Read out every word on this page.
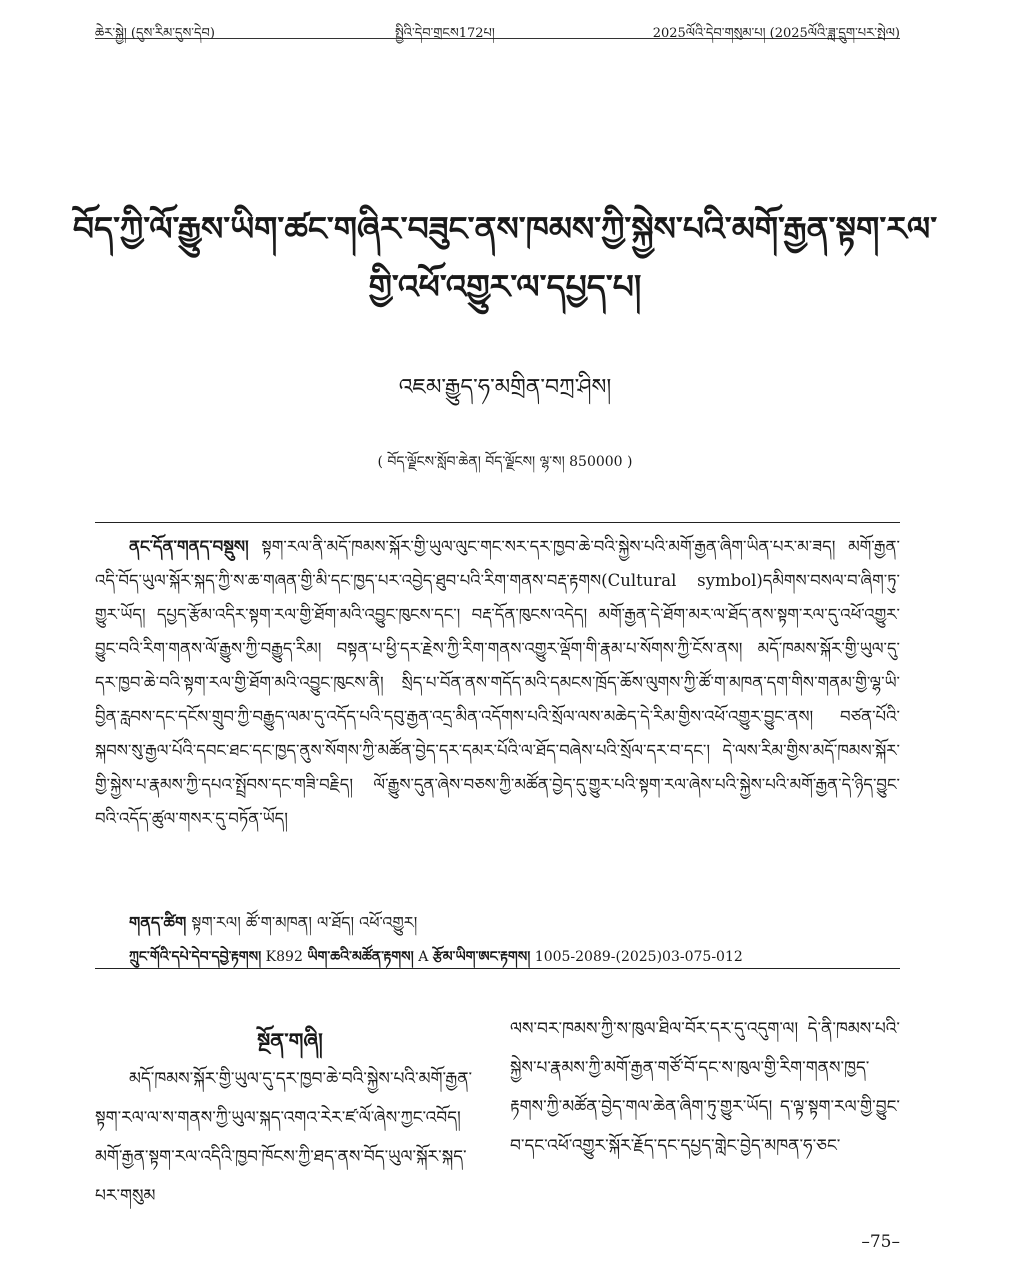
ཆེར་སྐྱེ། (དུས་རིམ་དུས་དེབ)	སྤྱིའི་དེབ་གྲངས172པ།	2025ལོའི་དེབ་གསུམ་པ། (2025ལོའི་ཟླ་དྲུག་པར་སྤེལ)
བོད་ཀྱི་ལོ་རྒྱུས་ཡིག་ཚང་གཞིར་བཟུང་ནས་ཁམས་ཀྱི་སྐྱེས་པའི་མགོ་རྒྱན་སྟག་རལ་གྱི་འཕོ་འགྱུར་ལ་དཔྱད་པ།
འཇམ་རྒྱུད་ཧ་མགྲིན་བཀྲ་ཤིས།
( བོད་ལྗོངས་སློབ་ཆེན། བོད་ལྗོངས། ལྷ་ས། 850000 )

ནང་དོན་གནད་བསྡུས། སྟག་རལ་ནི་མདོ་ཁམས་སྐོར་གྱི་ཡུལ་ལུང་གང་སར་དར་ཁྱབ་ཆེ་བའི་སྐྱེས་པའི་མགོ་རྒྱན་ཞིག་ཡིན་པར་མ་ཟད། མགོ་རྒྱན་འདི་བོད་ཡུལ་སྐོར་སྐད་ཀྱི་ས་ཆ་གཞན་གྱི་མི་དང་ཁྱད་པར་འབྱེད་ཐུབ་པའི་རིག་གནས་བརྡ་རྟགས(Cultural symbol)དམིགས་བསལ་བ་ཞིག་ཏུ་གྱུར་ཡོད། དཔྱད་རྩོམ་འདིར་སྟག་རལ་གྱི་ཐོག་མའི་འབྱུང་ཁུངས་དང་། བརྡ་དོན་ཁུངས་འདེད། མགོ་རྒྱན་དེ་ཐོག་མར་ལ་ཐོད་ནས་སྟག་རལ་དུ་འཕོ་འགྱུར་བྱུང་བའི་རིག་གནས་ལོ་རྒྱུས་ཀྱི་བརྒྱུད་རིམ། བསྟན་པ་ཕྱི་དར་རྗེས་ཀྱི་རིག་གནས་འགྱུར་ལྡོག་གི་རྣམ་པ་སོགས་ཀྱི་ངོས་ནས། མདོ་ཁམས་སྐོར་གྱི་ཡུལ་དུ་དར་ཁྱབ་ཆེ་བའི་སྟག་རལ་གྱི་ཐོག་མའི་འབྱུང་ཁུངས་ནི། སྲིད་པ་བོན་ནས་གདོད་མའི་དམངས་ཁྲོད་ཆོས་ལུགས་ཀྱི་ཚོ་ག་མཁན་དག་གིས་གནམ་གྱི་ལྷ་ཡི་བྱིན་རླབས་དང་དངོས་གྲུབ་ཀྱི་བརྒྱུད་ལམ་དུ་འདོད་པའི་དབུ་རྒྱན་འདྲ་མིན་འདོགས་པའི་སྲོལ་ལས་མཆེད་དེ་རིམ་གྱིས་འཕོ་འགྱུར་བྱུང་ནས། བཙན་པོའི་སྐབས་སུ་རྒྱལ་པོའི་དབང་ཐང་དང་ཁྱད་ནུས་སོགས་ཀྱི་མཚོན་བྱེད་དར་དམར་པོའི་ལ་ཐོད་བཞེས་པའི་སྲོལ་དར་བ་དང་། དེ་ལས་རིམ་གྱིས་མདོ་ཁམས་སྐོར་གྱི་སྐྱེས་པ་རྣམས་ཀྱི་དཔའ་སྤྲོབས་དང་གཟི་བརྗིད། ལོ་རྒྱུས་དུན་ཞེས་བཅས་ཀྱི་མཚོན་བྱེད་དུ་གྱུར་པའི་སྟག་རལ་ཞེས་པའི་སྐྱེས་པའི་མགོ་རྒྱན་དེ་ཉིད་བྱུང་བའི་འདོད་ཚུལ་གསར་དུ་བཏོན་ཡོད།

གནད་ཚིག སྟག་རལ། ཚོ་ག་མཁན། ལ་ཐོད། འཕོ་འགྱུར།
ཀྲུང་གོའི་དཔེ་དེབ་དབྱེ་རྟགས། K892 ཡིག་ཆའི་མཚོན་རྟགས། A རྩོམ་ཡིག་ཨང་རྟགས། 1005-2089-(2025)03-075-012
སྔོན་གཞི།
མདོ་ཁམས་སྐོར་གྱི་ཡུལ་དུ་དར་ཁྱབ་ཆེ་བའི་སྐྱེས་པའི་མགོ་རྒྱན་སྟག་རལ་ལ་ས་གནས་ཀྱི་ཡུལ་སྐད་འགའ་རེར་ཛ་ལོ་ཞེས་ཀྱང་འབོད། མགོ་རྒྱན་སྟག་རལ་འདིའི་ཁྱབ་ཁོངས་ཀྱི་ཐད་ནས་བོད་ཡུལ་སྐོར་སྐད་པར་གསུམ
ལས་བར་ཁམས་ཀྱི་ས་ཁུལ་ཐིལ་བོར་དར་དུ་འདུག་ལ། དེ་ནི་ཁམས་པའི་སྐྱེས་པ་རྣམས་ཀྱི་མགོ་རྒྱན་གཙོ་བོ་དང་ས་ཁུལ་གྱི་རིག་གནས་ཁྱད་རྟགས་ཀྱི་མཚོན་བྱེད་གལ་ཆེན་ཞིག་ཏུ་གྱུར་ཡོད། ད་ལྟ་སྟག་རལ་གྱི་བྱུང་བ་དང་འཕོ་འགྱུར་སྐོར་རྗོད་དང་དཔྱད་གླེང་བྱེད་མཁན་ཧ་ཅང་
–75–
